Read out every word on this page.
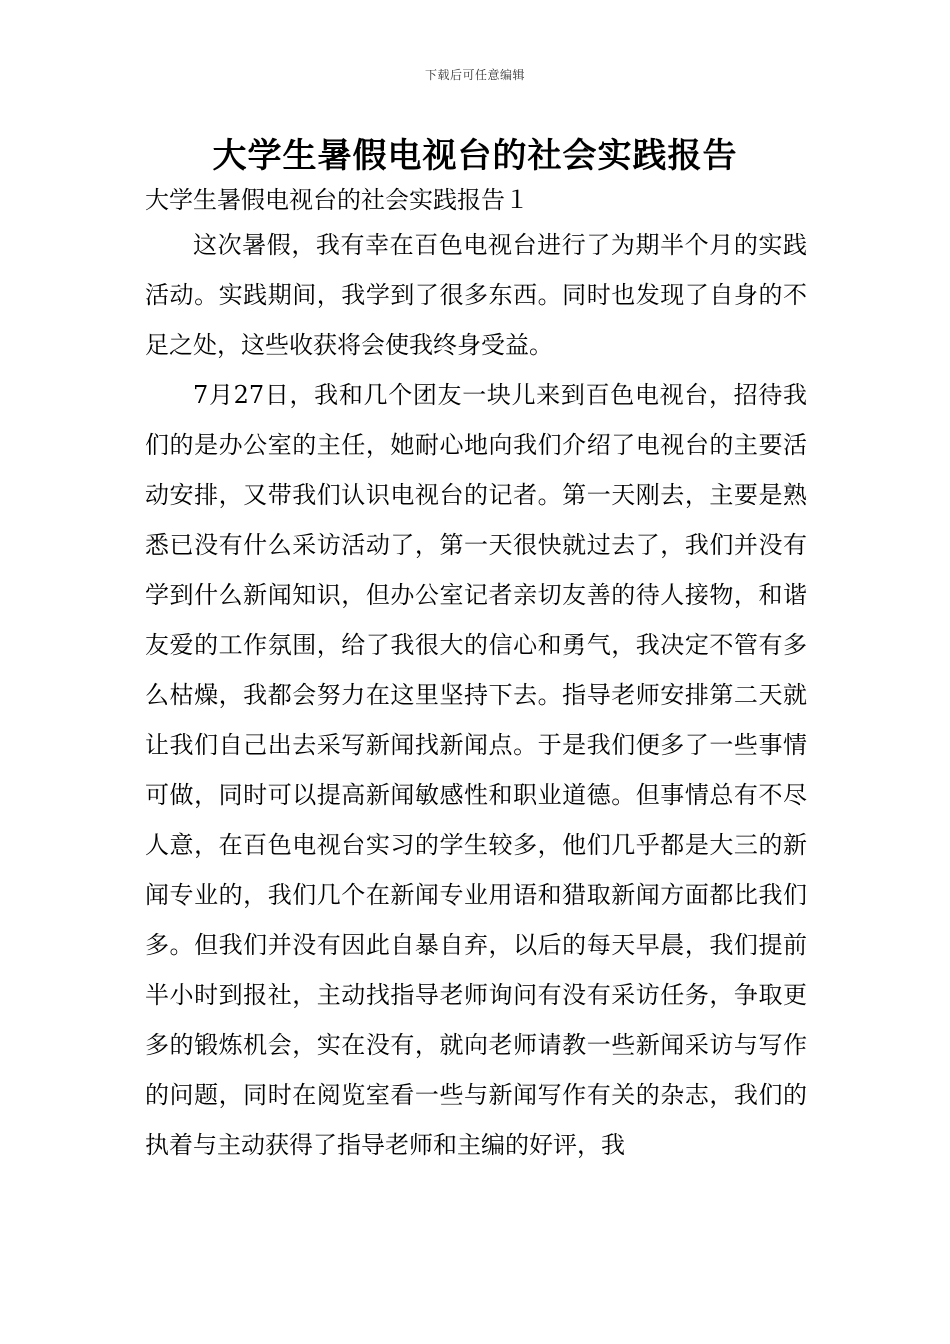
下载后可任意编辑
大学生暑假电视台的社会实践报告

大学生暑假电视台的社会实践报告１

这次暑假，我有幸在百色电视台进行了为期半个月的实践活动。实践期间，我学到了很多东西。同时也发现了自身的不足之处，这些收获将会使我终身受益。

7月27日，我和几个团友一块儿来到百色电视台，招待我们的是办公室的主任，她耐心地向我们介绍了电视台的主要活动安排，又带我们认识电视台的记者。第一天刚去，主要是熟悉已没有什么采访活动了，第一天很快就过去了，我们并没有学到什么新闻知识，但办公室记者亲切友善的待人接物，和谐友爱的工作氛围，给了我很大的信心和勇气，我决定不管有多么枯燥，我都会努力在这里坚持下去。指导老师安排第二天就让我们自己出去采写新闻找新闻点。于是我们便多了一些事情可做，同时可以提高新闻敏感性和职业道德。但事情总有不尽人意，在百色电视台实习的学生较多，他们几乎都是大三的新闻专业的，我们几个在新闻专业用语和猎取新闻方面都比我们多。但我们并没有因此自暴自弃，以后的每天早晨，我们提前半小时到报社，主动找指导老师询问有没有采访任务，争取更多的锻炼机会，实在没有，就向老师请教一些新闻采访与写作的问题，同时在阅览室看一些与新闻写作有关的杂志，我们的执着与主动获得了指导老师和主编的好评，我
